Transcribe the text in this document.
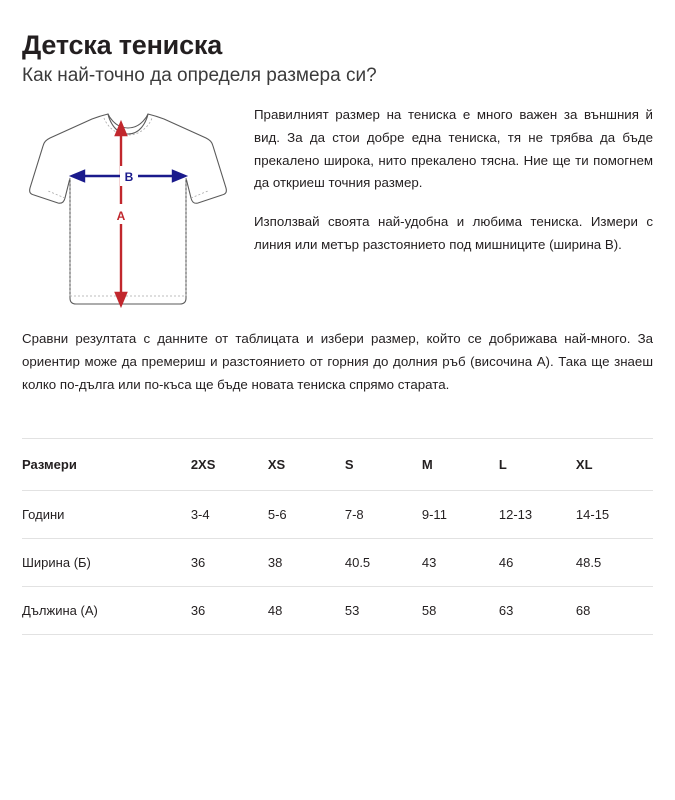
Детска тениска
Как най-точно да определя размера си?
A
B

Правилният размер на тениска е много важен за външния й вид. За да стои добре една тениска, тя не трябва да бъде прекалено широка, нито прекалено тясна. Ние ще ти помогнем да откриеш точния размер.

Използвай своята най-удобна и любима тениска. Измери с линия или метър разстоянието под мишниците (ширина B).

Сравни резултата с данните от таблицата и избери размер, който се добрижава най-много. За ориентир може да премериш и разстоянието от горния до долния ръб (височина А). Така ще знаеш колко по-дълга или по-къса ще бъде новата тениска спрямо старата.

Размери	2XS	XS	S	M	L	XL
Години	3-4	5-6	7-8	9-11	12-13	14-15
Ширина (Б)	36	38	40.5	43	46	48.5
Дължина (A)	36	48	53	58	63	68
